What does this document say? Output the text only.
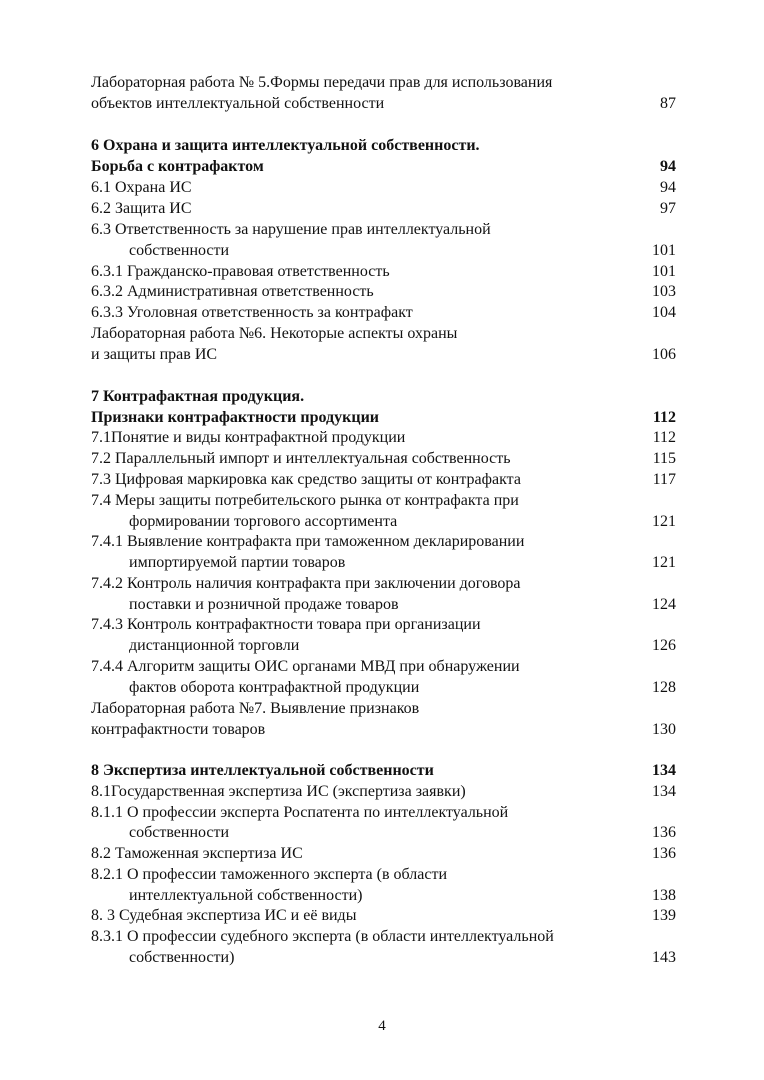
Лабораторная работа № 5.Формы передачи прав для использования
объектов интеллектуальной собственности	87
6 Охрана и защита интеллектуальной собственности.
Борьба с контрафактом	94
6.1 Охрана ИС	94
6.2 Защита ИС	97
6.3 Ответственность за нарушение прав интеллектуальной
собственности	101
6.3.1 Гражданско-правовая ответственность	101
6.3.2 Административная ответственность	103
6.3.3 Уголовная ответственность за контрафакт	104
Лабораторная работа №6. Некоторые аспекты охраны
и защиты прав ИС	106
7 Контрафактная продукция.
Признаки контрафактности продукции	112
7.1Понятие и виды контрафактной продукции	112
7.2 Параллельный импорт и интеллектуальная собственность	115
7.3 Цифровая маркировка как средство защиты от контрафакта	117
7.4 Меры защиты потребительского рынка от контрафакта при
формировании торгового ассортимента	121
7.4.1 Выявление контрафакта при таможенном декларировании
импортируемой партии товаров	121
7.4.2 Контроль наличия контрафакта при заключении договора
поставки и розничной продаже товаров	124
7.4.3 Контроль контрафактности товара при организации
дистанционной торговли	126
7.4.4 Алгоритм защиты ОИС органами МВД при обнаружении
фактов оборота контрафактной продукции	128
Лабораторная работа №7. Выявление признаков
контрафактности товаров	130
8 Экспертиза интеллектуальной собственности	134
8.1Государственная экспертиза ИС (экспертиза заявки)	134
8.1.1 О профессии эксперта Роспатента по интеллектуальной
собственности	136
8.2 Таможенная экспертиза ИС	136
8.2.1 О профессии таможенного эксперта (в области
интеллектуальной собственности)	138
8. 3 Судебная экспертиза ИС и её виды	139
8.3.1 О профессии судебного эксперта (в области интеллектуальной
собственности)	143
4
